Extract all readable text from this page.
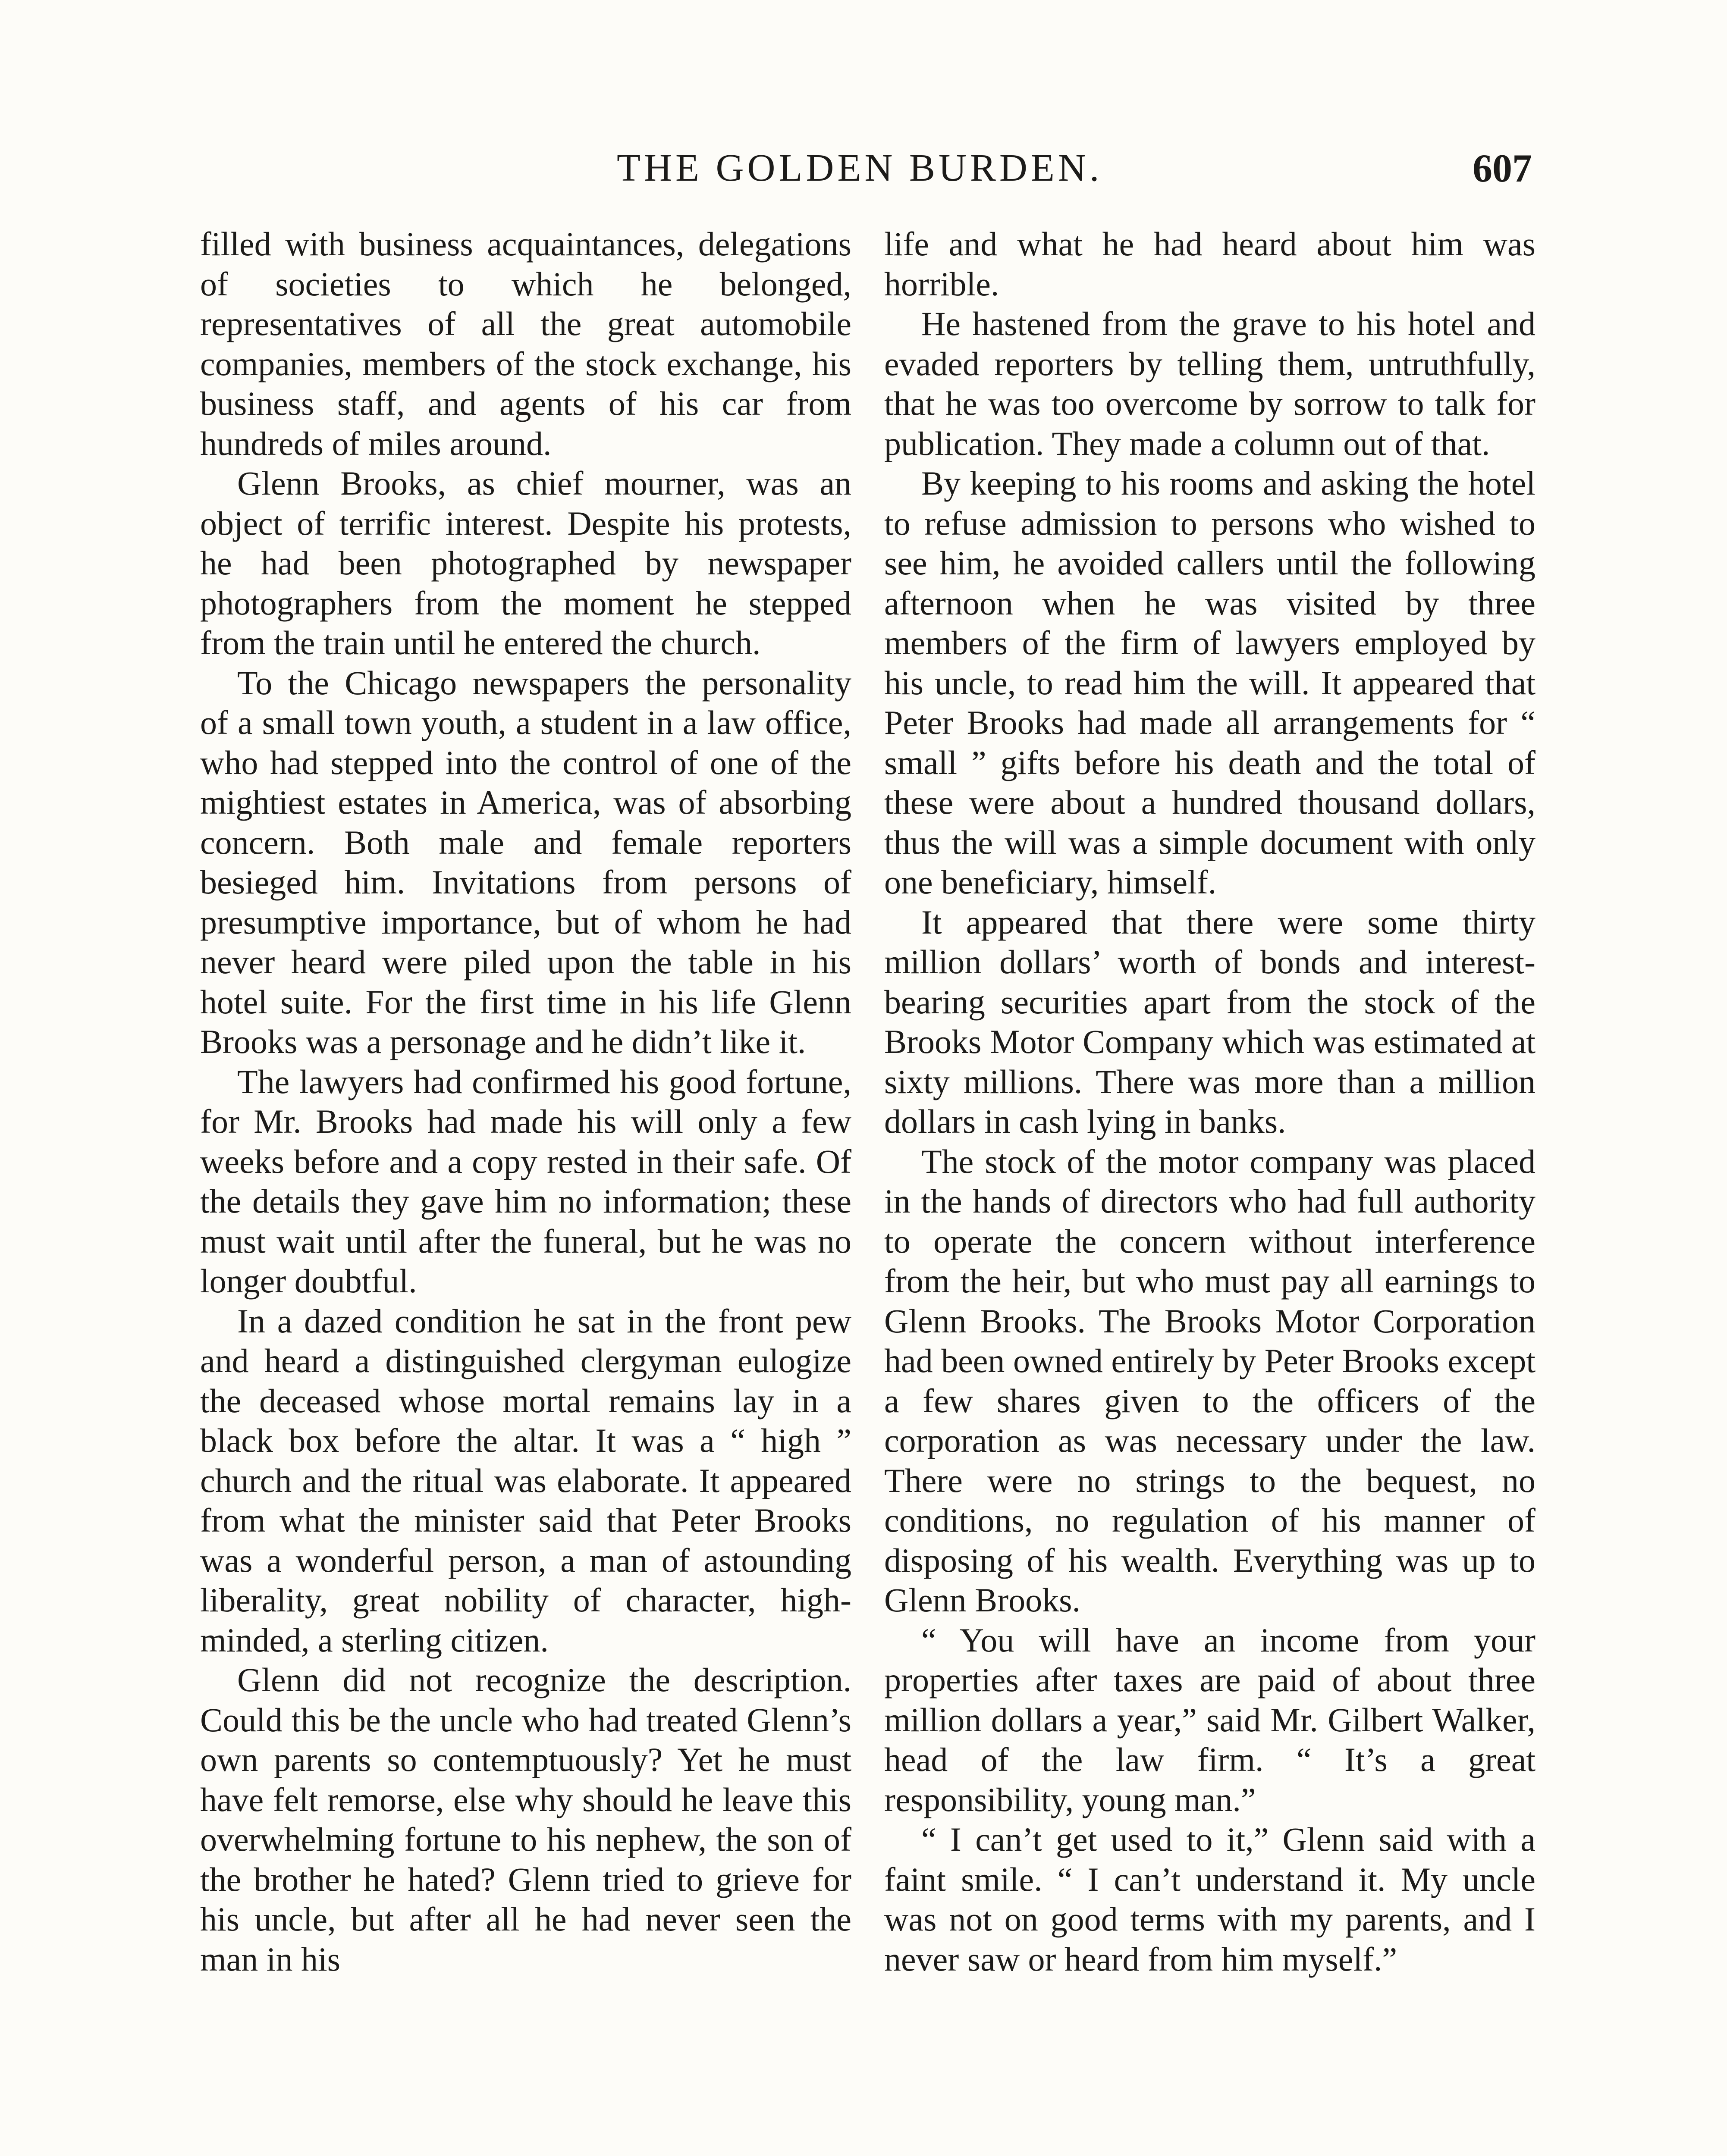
THE GOLDEN BURDEN.	607

filled with business acquaintances, delegations of societies to which he belonged, representatives of all the great automobile companies, members of the stock exchange, his business staff, and agents of his car from hundreds of miles around.

Glenn Brooks, as chief mourner, was an object of terrific interest. Despite his protests, he had been photographed by newspaper photographers from the moment he stepped from the train until he entered the church.

To the Chicago newspapers the personality of a small town youth, a student in a law office, who had stepped into the control of one of the mightiest estates in America, was of absorbing concern. Both male and female reporters besieged him. Invitations from persons of presumptive importance, but of whom he had never heard were piled upon the table in his hotel suite. For the first time in his life Glenn Brooks was a personage and he didn’t like it.

The lawyers had confirmed his good fortune, for Mr. Brooks had made his will only a few weeks before and a copy rested in their safe. Of the details they gave him no information; these must wait until after the funeral, but he was no longer doubtful.

In a dazed condition he sat in the front pew and heard a distinguished clergyman eulogize the deceased whose mortal remains lay in a black box before the altar. It was a “ high ” church and the ritual was elaborate. It appeared from what the minister said that Peter Brooks was a wonderful person, a man of astounding liberality, great nobility of character, high-minded, a sterling citizen.

Glenn did not recognize the description. Could this be the uncle who had treated Glenn’s own parents so contemptuously? Yet he must have felt remorse, else why should he leave this overwhelming fortune to his nephew, the son of the brother he hated? Glenn tried to grieve for his uncle, but after all he had never seen the man in his

life and what he had heard about him was horrible.

He hastened from the grave to his hotel and evaded reporters by telling them, untruthfully, that he was too overcome by sorrow to talk for publication. They made a column out of that.

By keeping to his rooms and asking the hotel to refuse admission to persons who wished to see him, he avoided callers until the following afternoon when he was visited by three members of the firm of lawyers employed by his uncle, to read him the will. It appeared that Peter Brooks had made all arrangements for “ small ” gifts before his death and the total of these were about a hundred thousand dollars, thus the will was a simple document with only one beneficiary, himself.

It appeared that there were some thirty million dollars’ worth of bonds and interest-bearing securities apart from the stock of the Brooks Motor Company which was estimated at sixty millions. There was more than a million dollars in cash lying in banks.

The stock of the motor company was placed in the hands of directors who had full authority to operate the concern without interference from the heir, but who must pay all earnings to Glenn Brooks. The Brooks Motor Corporation had been owned entirely by Peter Brooks except a few shares given to the officers of the corporation as was necessary under the law. There were no strings to the bequest, no conditions, no regulation of his manner of disposing of his wealth. Everything was up to Glenn Brooks.

“ You will have an income from your properties after taxes are paid of about three million dollars a year,” said Mr. Gilbert Walker, head of the law firm. “ It’s a great responsibility, young man.”

“ I can’t get used to it,” Glenn said with a faint smile. “ I can’t understand it. My uncle was not on good terms with my parents, and I never saw or heard from him myself.”
